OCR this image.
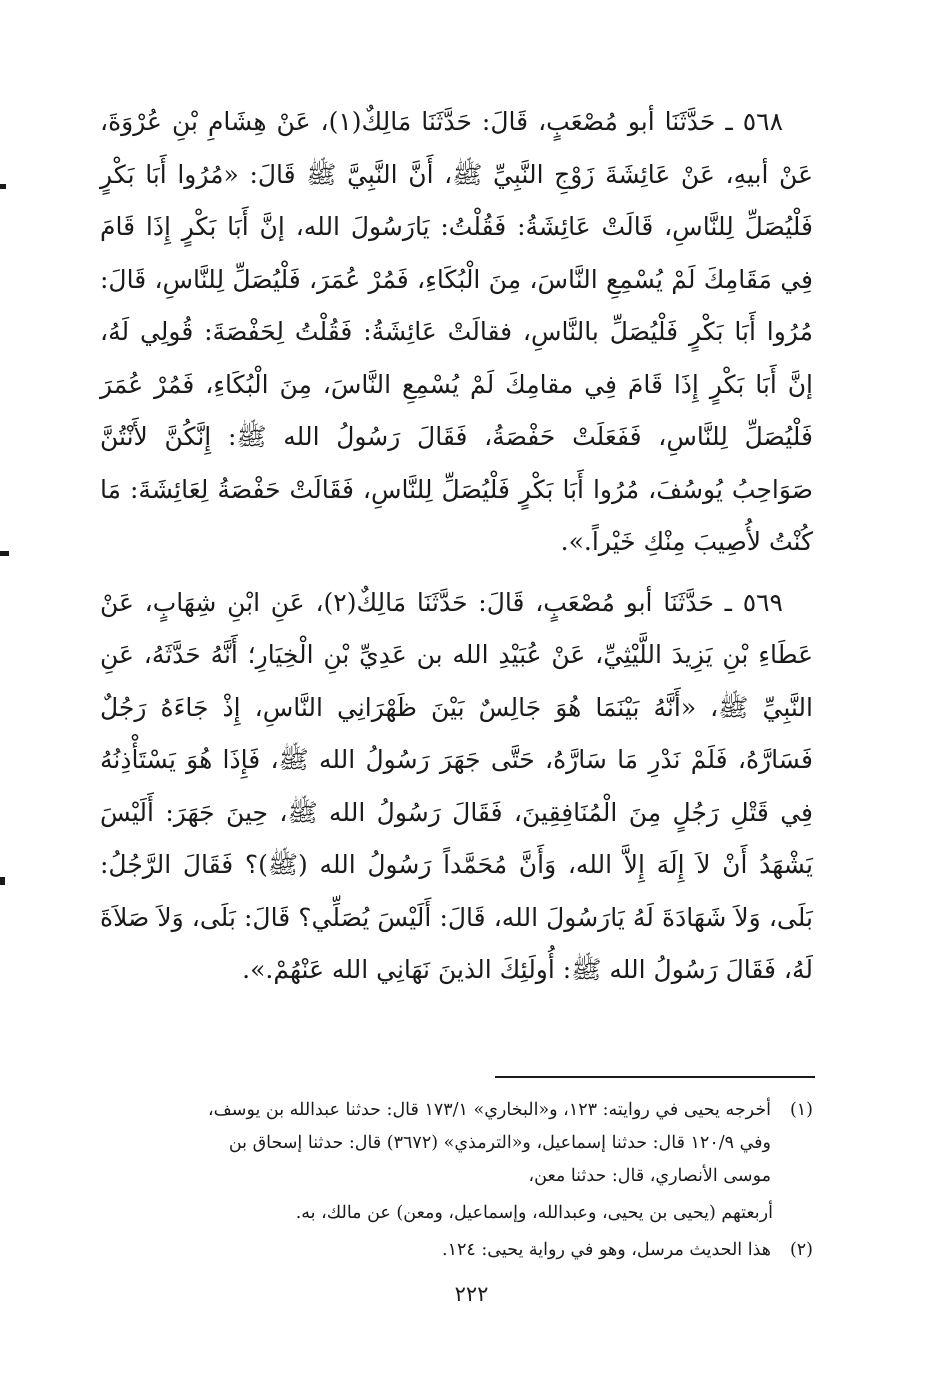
٥٦٨ ـ حَدَّثَنَا أبو مُصْعَبٍ، قَالَ: حَدَّثَنَا مَالِكٌ(١)، عَنْ هِشَامِ بْنِ عُرْوَةَ، عَنْ أبيهِ، عَنْ عَائِشَةَ زَوْجِ النَّبِيِّ ﷺ، أَنَّ النَّبِيَّ ﷺ قَالَ: «مُرُوا أَبَا بَكْرٍ فَلْيُصَلِّ لِلنَّاسِ، قَالَتْ عَائِشَةُ: فَقُلْتُ: يَارَسُولَ الله، إنَّ أَبَا بَكْرٍ إِذَا قَامَ فِي مَقَامِكَ لَمْ يُسْمِعِ النَّاسَ، مِنَ الْبُكَاءِ، فَمُرْ عُمَرَ، فَلْيُصَلِّ لِلنَّاسِ، قَالَ: مُرُوا أَبَا بَكْرٍ فَلْيُصَلِّ بالنَّاسِ، فقالَتْ عَائِشَةُ: فَقُلْتُ لِحَفْصَةَ: قُولِي لَهُ، إنَّ أَبَا بَكْرٍ إِذَا قَامَ فِي مقامِكَ لَمْ يُسْمِعِ النَّاسَ، مِنَ الْبُكَاءِ، فَمُرْ عُمَرَ فَلْيُصَلِّ لِلنَّاسِ، فَفَعَلَتْ حَفْصَةُ، فَقَالَ رَسُولُ الله ﷺ: إِنَّكُنَّ لأَنْتُنَّ صَوَاحِبُ يُوسُفَ، مُرُوا أَبَا بَكْرٍ فَلْيُصَلِّ لِلنَّاسِ، فَقَالَتْ حَفْصَةُ لِعَائِشَةَ: مَا كُنْتُ لأُصِيبَ مِنْكِ خَيْراً.».

٥٦٩ ـ حَدَّثَنَا أبو مُصْعَبٍ، قَالَ: حَدَّثَنَا مَالِكٌ(٢)، عَنِ ابْنِ شِهَابٍ، عَنْ عَطَاءِ بْنِ يَزِيدَ اللَّيْثِيِّ، عَنْ عُبَيْدِ الله بن عَدِيِّ بْنِ الْخِيَارِ؛ أَنَّهُ حَدَّثَهُ، عَنِ النَّبِيِّ ﷺ، «أَنَّهُ بَيْنَمَا هُوَ جَالِسٌ بَيْنَ ظَهْرَانِي النَّاسِ، إِذْ جَاءَهُ رَجُلٌ فَسَارَّهُ، فَلَمْ نَدْرِ مَا سَارَّهُ، حَتَّى جَهَرَ رَسُولُ الله ﷺ، فَإِذَا هُوَ يَسْتَأْذِنُهُ فِي قَتْلِ رَجُلٍ مِنَ الْمُنَافِقِينَ، فَقَالَ رَسُولُ الله ﷺ، حِينَ جَهَرَ: أَلَيْسَ يَشْهَدُ أَنْ لاَ إِلَهَ إِلاَّ الله، وَأَنَّ مُحَمَّداً رَسُولُ الله (ﷺ)؟ فَقَالَ الرَّجُلُ: بَلَى، وَلاَ شَهَادَةَ لَهُ يَارَسُولَ الله، قَالَ: أَلَيْسَ يُصَلِّي؟ قَالَ: بَلَى، وَلاَ صَلاَةَ لَهُ، فَقَالَ رَسُولُ الله ﷺ: أُولَئِكَ الذينَ نَهَانِي الله عَنْهُمْ.».

(١)
أخرجه يحيى في روايته: ١٢٣، و«البخاري» ١٧٣/١ قال: حدثنا عبدالله بن يوسف،
وفي ١٢٠/٩ قال: حدثنا إسماعيل، و«الترمذي» (٣٦٧٢) قال: حدثنا إسحاق بن
موسى الأنصاري، قال: حدثنا معن،
أربعتهم (يحيى بن يحيى، وعبدالله، وإسماعيل، ومعن) عن مالك، به.
(٢)
هذا الحديث مرسل، وهو في رواية يحيى: ١٢٤.
٢٢٢
